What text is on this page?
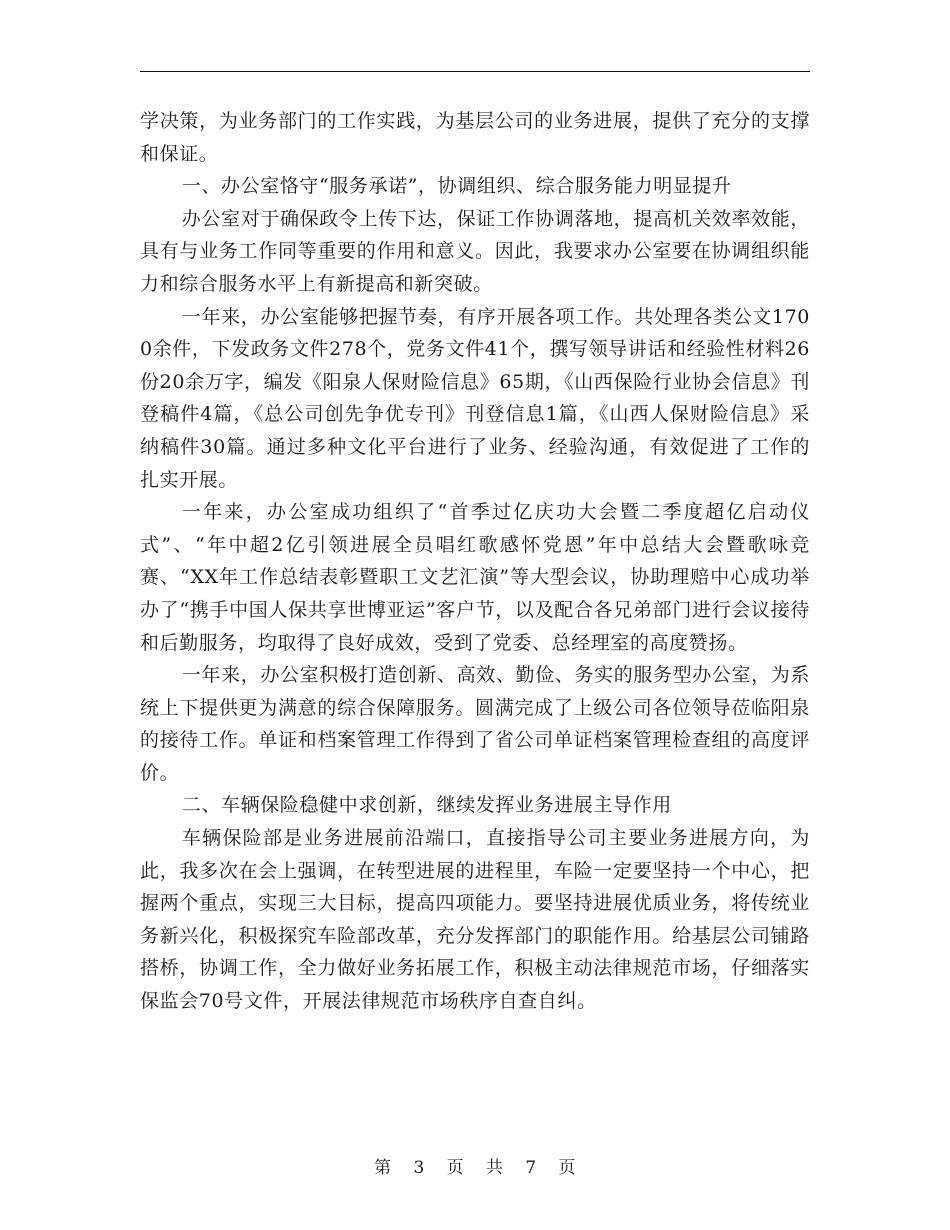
学决策，为业务部门的工作实践，为基层公司的业务进展，提供了充分的支撑和保证。

一、办公室恪守“服务承诺”，协调组织、综合服务能力明显提升

办公室对于确保政令上传下达，保证工作协调落地，提高机关效率效能，具有与业务工作同等重要的作用和意义。因此，我要求办公室要在协调组织能力和综合服务水平上有新提高和新突破。

一年来，办公室能够把握节奏，有序开展各项工作。共处理各类公文1700余件，下发政务文件278个，党务文件41个，撰写领导讲话和经验性材料26份20余万字，编发《阳泉人保财险信息》65期，《山西保险行业协会信息》刊登稿件4篇，《总公司创先争优专刊》刊登信息1篇，《山西人保财险信息》采纳稿件30篇。通过多种文化平台进行了业务、经验沟通，有效促进了工作的扎实开展。

一年来，办公室成功组织了“首季过亿庆功大会暨二季度超亿启动仪式”、“年中超2亿引领进展全员唱红歌感怀党恩”年中总结大会暨歌咏竞赛、“XX年工作总结表彰暨职工文艺汇演”等大型会议，协助理赔中心成功举办了“携手中国人保共享世博亚运”客户节，以及配合各兄弟部门进行会议接待和后勤服务，均取得了良好成效，受到了党委、总经理室的高度赞扬。

一年来，办公室积极打造创新、高效、勤俭、务实的服务型办公室，为系统上下提供更为满意的综合保障服务。圆满完成了上级公司各位领导莅临阳泉的接待工作。单证和档案管理工作得到了省公司单证档案管理检查组的高度评价。

二、车辆保险稳健中求创新，继续发挥业务进展主导作用

车辆保险部是业务进展前沿端口，直接指导公司主要业务进展方向，为此，我多次在会上强调，在转型进展的进程里，车险一定要坚持一个中心，把握两个重点，实现三大目标，提高四项能力。要坚持进展优质业务，将传统业务新兴化，积极探究车险部改革，充分发挥部门的职能作用。给基层公司铺路搭桥，协调工作，全力做好业务拓展工作，积极主动法律规范市场，仔细落实保监会70号文件，开展法律规范市场秩序自查自纠。

第 3 页 共 7 页
